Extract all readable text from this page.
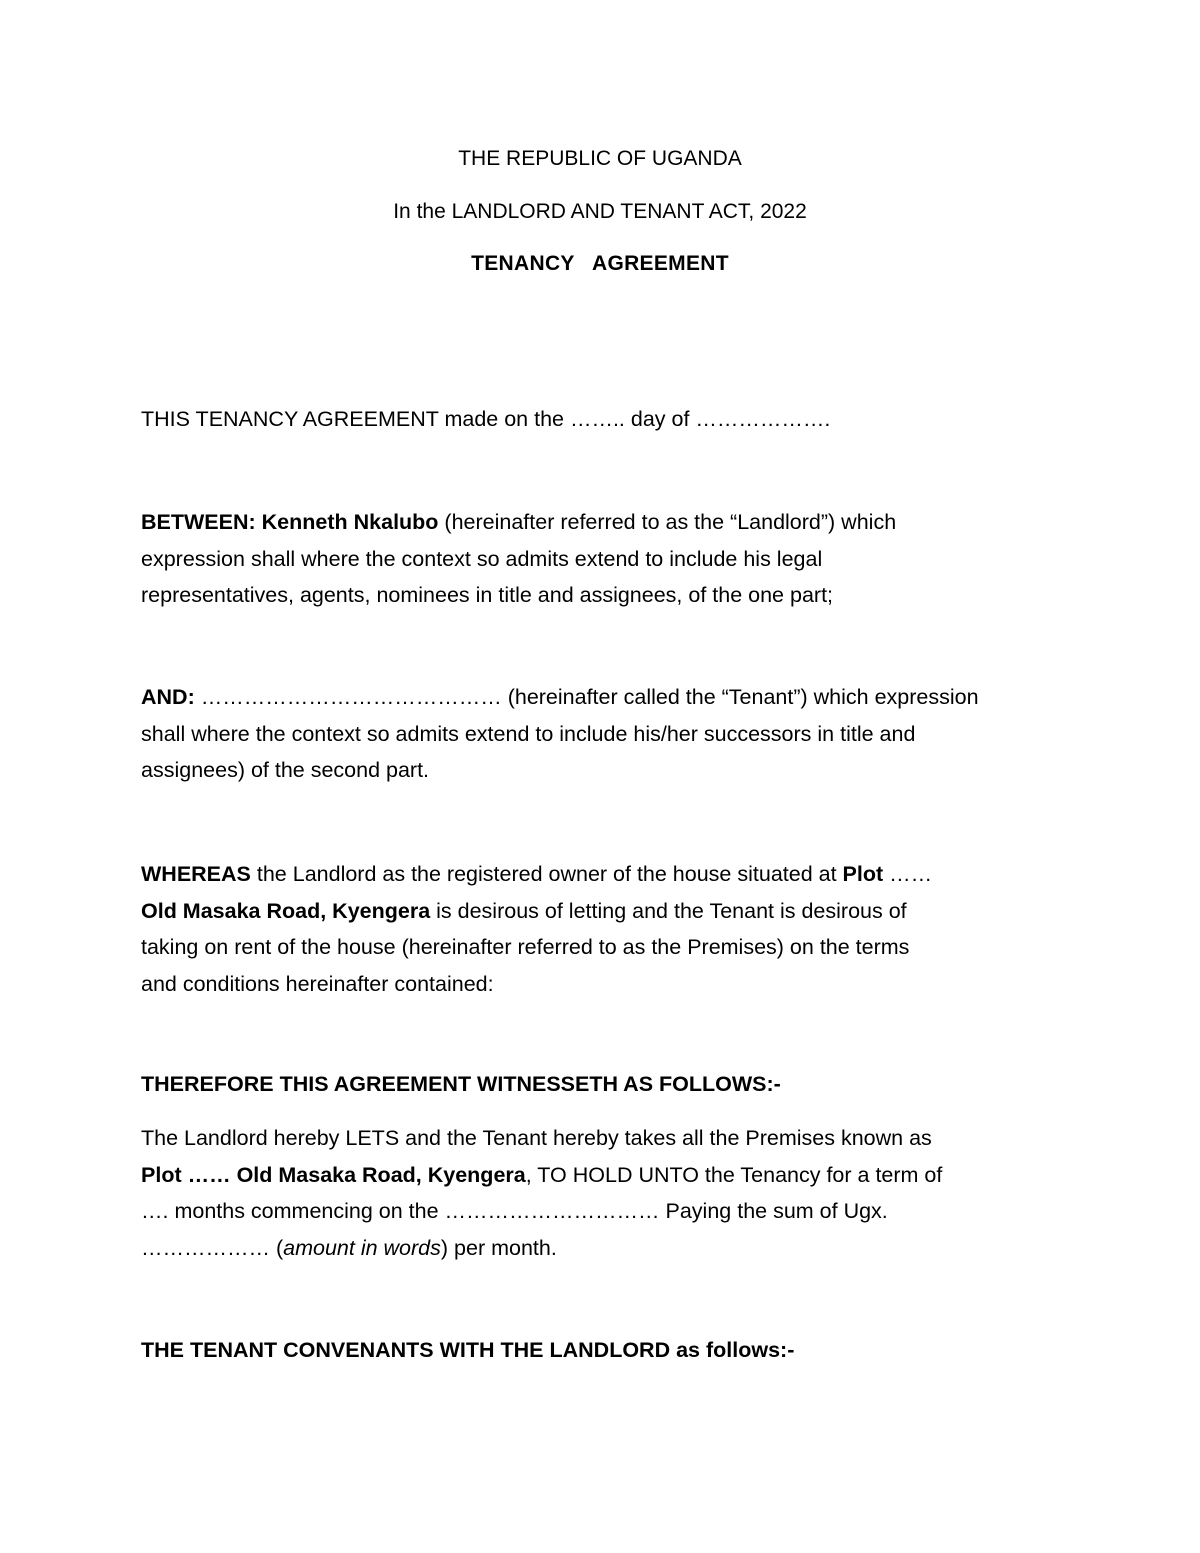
THE REPUBLIC OF UGANDA
In the LANDLORD AND TENANT ACT, 2022
TENANCY   AGREEMENT
THIS TENANCY AGREEMENT made on the …….. day of ……………….
BETWEEN: Kenneth Nkalubo (hereinafter referred to as the “Landlord”) which
expression shall where the context so admits extend to include his legal
representatives, agents, nominees in title and assignees, of the one part;
AND: …………………………………… (hereinafter called the “Tenant”) which expression
shall where the context so admits extend to include his/her successors in title and
assignees) of the second part.
WHEREAS the Landlord as the registered owner of the house situated at Plot ……
Old Masaka Road, Kyengera is desirous of letting and the Tenant is desirous of
taking on rent of the house (hereinafter referred to as the Premises) on the terms
and conditions hereinafter contained:
THEREFORE THIS AGREEMENT WITNESSETH AS FOLLOWS:-
The Landlord hereby LETS and the Tenant hereby takes all the Premises known as
Plot …… Old Masaka Road, Kyengera, TO HOLD UNTO the Tenancy for a term of
…. months commencing on the ………………………… Paying the sum of Ugx.
……………… (amount in words) per month.
THE TENANT CONVENANTS WITH THE LANDLORD as follows:-
